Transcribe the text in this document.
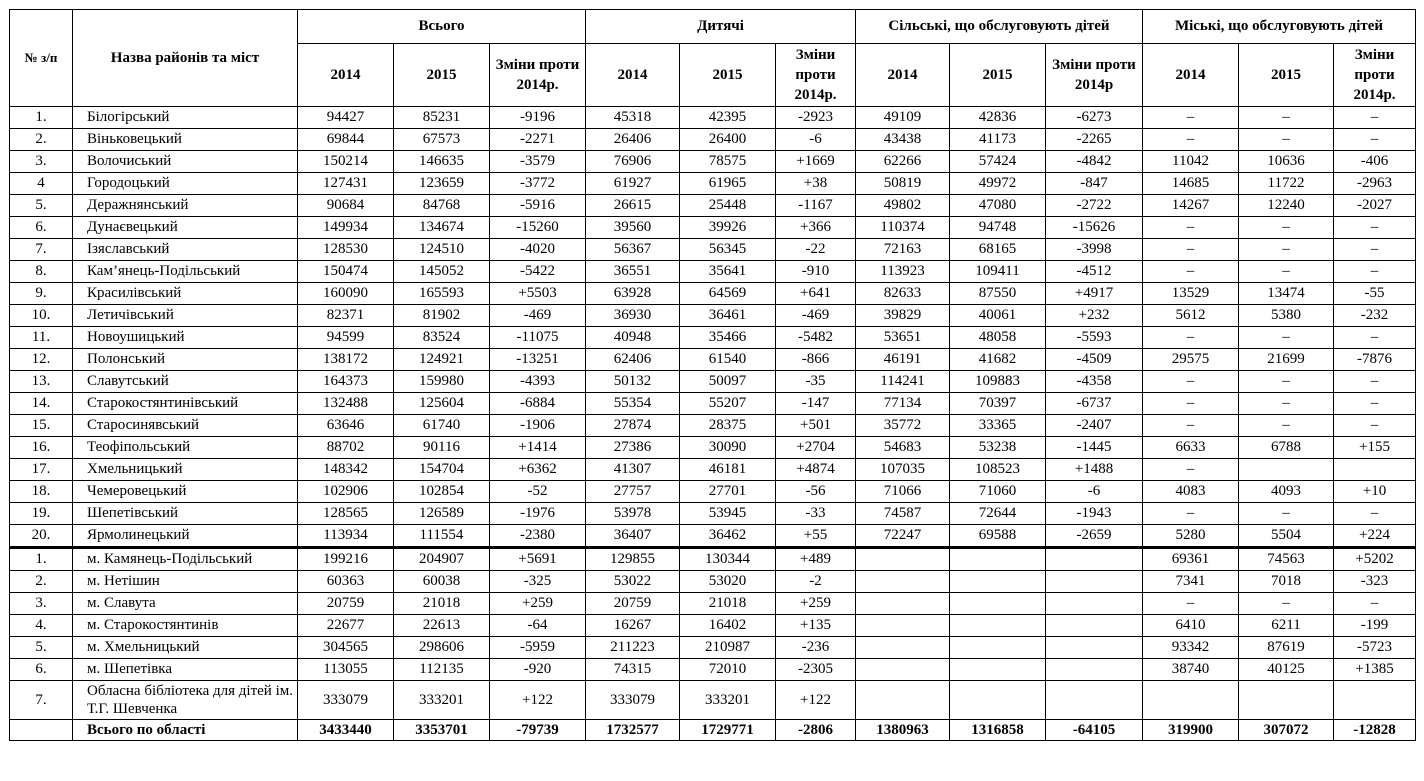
№ з/п	Назва районів та міст	Всього			Дитячі			Сільські, що обслуговують дітей			Міські, що обслуговують дітей		
		2014	2015	Зміни проти 2014р.	2014	2015	Зміни проти 2014р.	2014	2015	Зміни проти 2014р	2014	2015	Зміни проти 2014р.
1.	Білогірський	94427	85231	-9196	45318	42395	-2923	49109	42836	-6273	–	–	–
2.	Віньковецький	69844	67573	-2271	26406	26400	-6	43438	41173	-2265	–	–	–
3.	Волочиський	150214	146635	-3579	76906	78575	+1669	62266	57424	-4842	11042	10636	-406
4	Городоцький	127431	123659	-3772	61927	61965	+38	50819	49972	-847	14685	11722	-2963
5.	Деражнянський	90684	84768	-5916	26615	25448	-1167	49802	47080	-2722	14267	12240	-2027
6.	Дунаєвецький	149934	134674	-15260	39560	39926	+366	110374	94748	-15626	–	–	–
7.	Ізяславський	128530	124510	-4020	56367	56345	-22	72163	68165	-3998	–	–	–
8.	Кам’янець-Подільський	150474	145052	-5422	36551	35641	-910	113923	109411	-4512	–	–	–
9.	Красилівський	160090	165593	+5503	63928	64569	+641	82633	87550	+4917	13529	13474	-55
10.	Летичівський	82371	81902	-469	36930	36461	-469	39829	40061	+232	5612	5380	-232
11.	Новоушицький	94599	83524	-11075	40948	35466	-5482	53651	48058	-5593	–	–	–
12.	Полонський	138172	124921	-13251	62406	61540	-866	46191	41682	-4509	29575	21699	-7876
13.	Славутський	164373	159980	-4393	50132	50097	-35	114241	109883	-4358	–	–	–
14.	Старокостянтинівський	132488	125604	-6884	55354	55207	-147	77134	70397	-6737	–	–	–
15.	Старосинявський	63646	61740	-1906	27874	28375	+501	35772	33365	-2407	–	–	–
16.	Теофіпольський	88702	90116	+1414	27386	30090	+2704	54683	53238	-1445	6633	6788	+155
17.	Хмельницький	148342	154704	+6362	41307	46181	+4874	107035	108523	+1488	–		
18.	Чемеровецький	102906	102854	-52	27757	27701	-56	71066	71060	-6	4083	4093	+10
19.	Шепетівський	128565	126589	-1976	53978	53945	-33	74587	72644	-1943	–	–	–
20.	Ярмолинецький	113934	111554	-2380	36407	36462	+55	72247	69588	-2659	5280	5504	+224
1.	м. Камянець-Подільський	199216	204907	+5691	129855	130344	+489				69361	74563	+5202
2.	м. Нетішин	60363	60038	-325	53022	53020	-2				7341	7018	-323
3.	м. Славута	20759	21018	+259	20759	21018	+259				–	–	–
4.	м. Старокостянтинів	22677	22613	-64	16267	16402	+135				6410	6211	-199
5.	м. Хмельницький	304565	298606	-5959	211223	210987	-236				93342	87619	-5723
6.	м. Шепетівка	113055	112135	-920	74315	72010	-2305				38740	40125	+1385
7.	Обласна бібліотека для дітей ім. Т.Г. Шевченка	333079	333201	+122	333079	333201	+122						
	Всього по області	3433440	3353701	-79739	1732577	1729771	-2806	1380963	1316858	-64105	319900	307072	-12828
